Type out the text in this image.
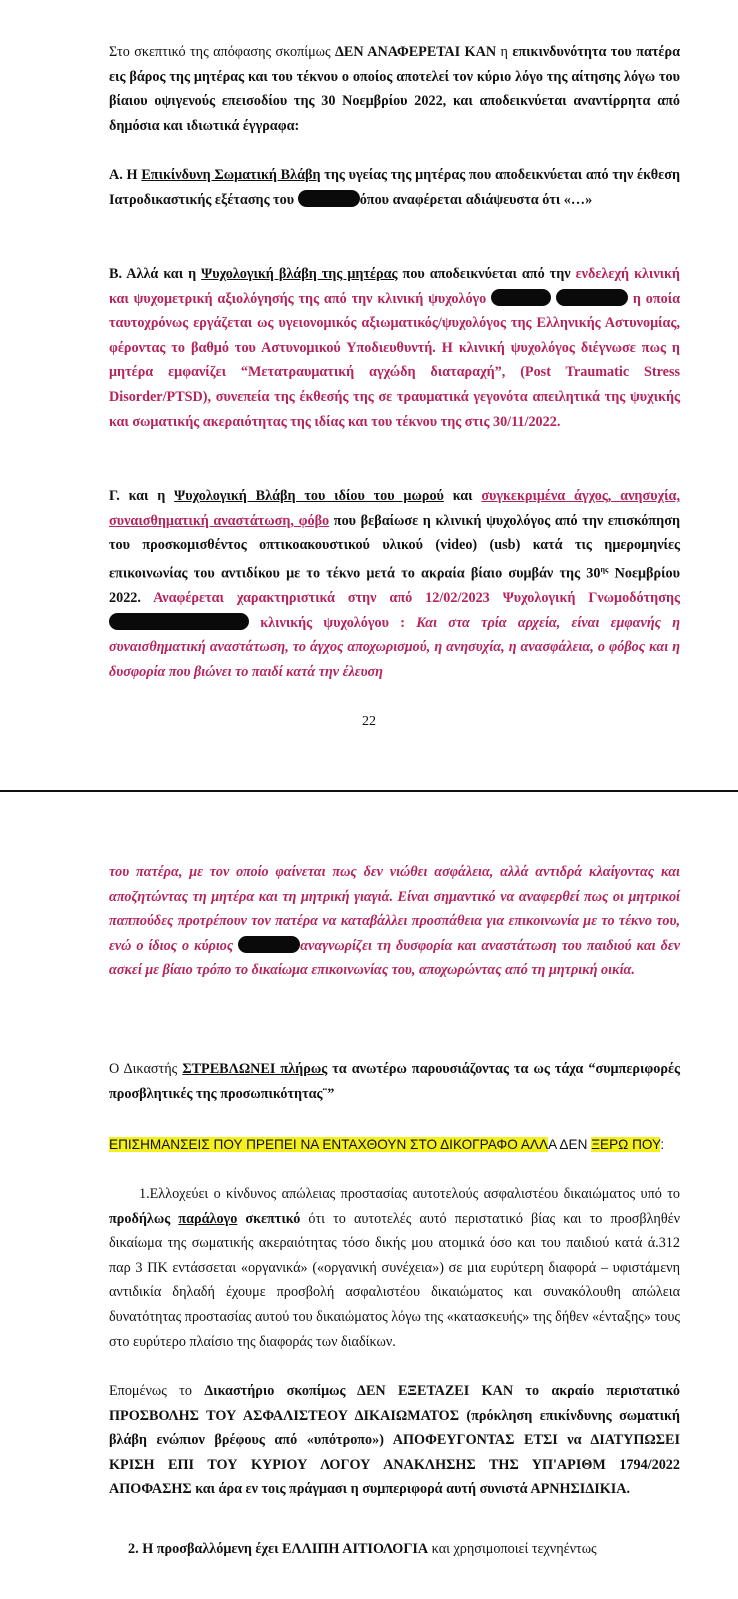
Στο σκεπτικό της απόφασης σκοπίμως ΔΕΝ ΑΝΑΦΕΡΕΤΑΙ ΚΑΝ η επικινδυνότητα του πατέρα εις βάρος της μητέρας και του τέκνου ο οποίος αποτελεί τον κύριο λόγο της αίτησης λόγω του βίαιου οψιγενούς επεισοδίου της 30 Νοεμβρίου 2022, και αποδεικνύεται αναντίρρητα από δημόσια και ιδιωτικά έγγραφα:
Α. Η Επικίνδυνη Σωματική Βλάβη της υγείας της μητέρας που αποδεικνύεται από την έκθεση Ιατροδικαστικής εξέτασης του	όπου αναφέρεται αδιάψευστα ότι «…»
Β. Αλλά και η Ψυχολογική βλάβη της μητέρας που αποδεικνύεται από την ενδελεχή κλινική και ψυχομετρική αξιολόγησής της από την κλινική ψυχολόγο	η οποία ταυτοχρόνως εργάζεται ως υγειονομικός αξιωματικός/ψυχολόγος της Ελληνικής Αστυνομίας, φέροντας το βαθμό του Αστυνομικού Υποδιευθυντή. Η κλινική ψυχολόγος διέγνωσε πως η μητέρα εμφανίζει “Μετατραυματική αγχώδη διαταραχή”, (Post Traumatic Stress Disorder/PTSD), συνεπεία της έκθεσής της σε τραυματικά γεγονότα απειλητικά της ψυχικής και σωματικής ακεραιότητας της ιδίας και του τέκνου της στις 30/11/2022.
Γ. και η Ψυχολογική Βλάβη του ιδίου του μωρού και συγκεκριμένα άγχος, ανησυχία, συναισθηματική αναστάτωση, φόβο που βεβαίωσε η κλινική ψυχολόγος από την επισκόπηση του προσκομισθέντος οπτικοακουστικού υλικού (video) (usb) κατά τις ημερομηνίες επικοινωνίας του αντιδίκου με το τέκνο μετά το ακραία βίαιο συμβάν της $30^{\eta\varsigma}$ Νοεμβρίου 2022. Αναφέρεται χαρακτηριστικά στην από 12/02/2023 Ψυχολογική Γνωμοδότησης  κλινικής ψυχολόγου : Και στα τρία αρχεία, είναι εμφανής η συναισθηματική αναστάτωση, το άγχος αποχωρισμού, η ανησυχία, η ανασφάλεια, ο φόβος και η δυσφορία που βιώνει το παιδί κατά την έλευση
22
του πατέρα, με τον οποίο φαίνεται πως δεν νιώθει ασφάλεια, αλλά αντιδρά κλαίγοντας και αποζητώντας τη μητέρα και τη μητρική γιαγιά. Είναι σημαντικό να αναφερθεί πως οι μητρικοί παππούδες προτρέπουν τον πατέρα να καταβάλλει προσπάθεια για επικοινωνία με το τέκνο του, ενώ ο ίδιος ο κύριος	αναγνωρίζει τη δυσφορία και αναστάτωση του παιδιού και δεν ασκεί με βίαιο τρόπο το δικαίωμα επικοινωνίας του, αποχωρώντας από τη μητρική οικία.
Ο Δικαστής ΣΤΡΕΒΛΩΝΕΙ πλήρως τα ανωτέρω παρουσιάζοντας τα ως τάχα “συμπεριφορές προσβλητικές της προσωπικότητας¨”
ΕΠΙΣΗΜΑΝΣΕΙΣ ΠΟΥ ΠΡΕΠΕΙ ΝΑ ΕΝΤΑΧΘΟΥΝ ΣΤΟ ΔΙΚΟΓΡΑΦΟ ΑΛΛΑ ΔΕΝ ΞΕΡΩ ΠΟΥ:
1.Ελλοχεύει ο κίνδυνος απώλειας προστασίας αυτοτελούς ασφαλιστέου δικαιώματος υπό το προδήλως παράλογο σκεπτικό ότι το αυτοτελές αυτό περιστατικό βίας και το προσβληθέν δικαίωμα της σωματικής ακεραιότητας τόσο δικής μου ατομικά όσο και του παιδιού κατά ά.312 παρ 3 ΠΚ εντάσσεται «οργανικά» («οργανική συνέχεια») σε μια ευρύτερη διαφορά – υφιστάμενη αντιδικία δηλαδή έχουμε προσβολή ασφαλιστέου δικαιώματος και συνακόλουθη απώλεια δυνατότητας προστασίας αυτού του δικαιώματος λόγω της «κατασκευής» της δήθεν «ένταξης» τους στο ευρύτερο πλαίσιο της διαφοράς των διαδίκων.
Επομένως το Δικαστήριο σκοπίμως ΔΕΝ ΕΞΕΤΑΖΕΙ ΚΑΝ το ακραίο περιστατικό ΠΡΟΣΒΟΛΗΣ ΤΟΥ ΑΣΦΑΛΙΣΤΕΟΥ ΔΙΚΑΙΩΜΑΤΟΣ (πρόκληση επικίνδυνης σωματική βλάβη ενώπιον βρέφους από «υπότροπο») ΑΠΟΦΕΥΓΟΝΤΑΣ ΕΤΣΙ να ΔΙΑΤΥΠΩΣΕΙ ΚΡΙΣΗ ΕΠΙ ΤΟΥ ΚΥΡΙΟΥ ΛΟΓΟΥ ΑΝΑΚΛΗΣΗΣ ΤΗΣ ΥΠ'ΑΡΙΘΜ 1794/2022 ΑΠΟΦΑΣΗΣ και άρα εν τοις πράγμασι η συμπεριφορά αυτή συνιστά ΑΡΝΗΣΙΔΙΚΙΑ.
2. Η προσβαλλόμενη έχει ΕΛΛΙΠΗ ΑΙΤΙΟΛΟΓΙΑ και χρησιμοποιεί τεχνηέντως
